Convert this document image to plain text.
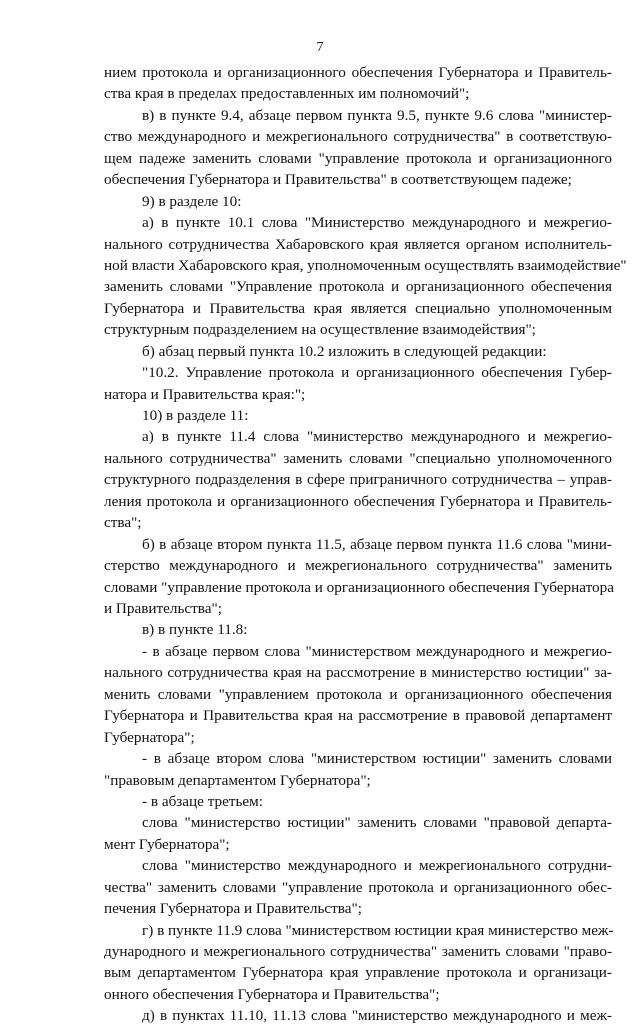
7
нием протокола и организационного обеспечения Губернатора и Правитель-
ства края в пределах предоставленных им полномочий";
в) в пункте 9.4, абзаце первом пункта 9.5, пункте 9.6 слова "министер-
ство международного и межрегионального сотрудничества" в соответствую-
щем падеже заменить словами "управление протокола и организационного
обеспечения Губернатора и Правительства" в соответствующем падеже;
9) в разделе 10:
а) в пункте 10.1 слова "Министерство международного и межрегио-
нального сотрудничества Хабаровского края является органом исполнитель-
ной власти Хабаровского края, уполномоченным осуществлять взаимодействие"
заменить словами "Управление протокола и организационного обеспечения
Губернатора и Правительства края является специально уполномоченным
структурным подразделением на осуществление взаимодействия";
б) абзац первый пункта 10.2 изложить в следующей редакции:
"10.2. Управление протокола и организационного обеспечения Губер-
натора и Правительства края:";
10) в разделе 11:
а) в пункте 11.4 слова "министерство международного и межрегио-
нального сотрудничества" заменить словами "специально уполномоченного
структурного подразделения в сфере приграничного сотрудничества – управ-
ления протокола и организационного обеспечения Губернатора и Правитель-
ства";
б) в абзаце втором пункта 11.5, абзаце первом пункта 11.6 слова "мини-
стерство международного и межрегионального сотрудничества" заменить
словами "управление протокола и организационного обеспечения Губернатора
и Правительства";
в) в пункте 11.8:
- в абзаце первом слова "министерством международного и межрегио-
нального сотрудничества края на рассмотрение в министерство юстиции" за-
менить словами "управлением протокола и организационного обеспечения
Губернатора и Правительства края на рассмотрение в правовой департамент
Губернатора";
- в абзаце втором слова "министерством юстиции" заменить словами
"правовым департаментом Губернатора";
- в абзаце третьем:
слова "министерство юстиции" заменить словами "правовой департа-
мент Губернатора";
слова "министерство международного и межрегионального сотрудни-
чества" заменить словами "управление протокола и организационного обес-
печения Губернатора и Правительства";
г) в пункте 11.9 слова "министерством юстиции края министерство меж-
дународного и межрегионального сотрудничества" заменить словами "право-
вым департаментом Губернатора края управление протокола и организаци-
онного обеспечения Губернатора и Правительства";
д) в пунктах 11.10, 11.13 слова "министерство международного и меж-
